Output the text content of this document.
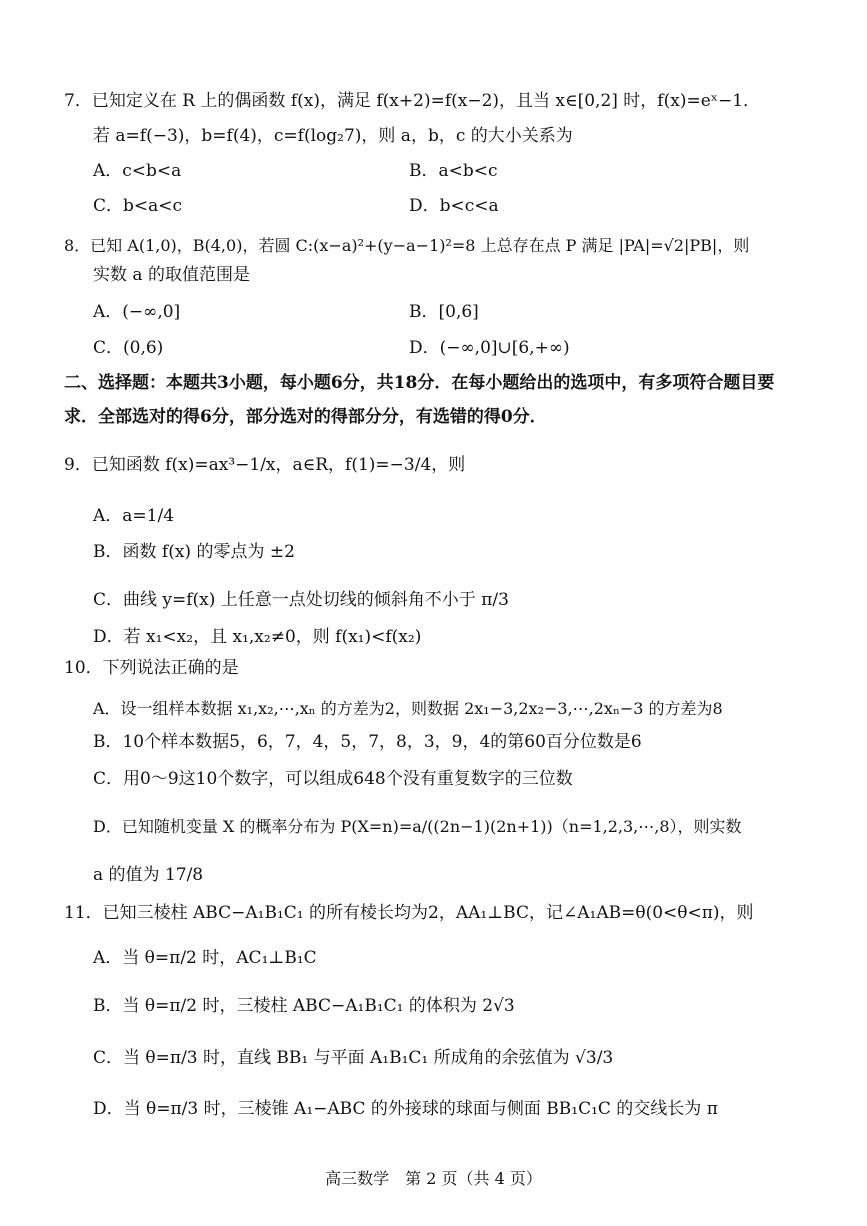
7．已知定义在 R 上的偶函数 f(x)，满足 f(x+2)=f(x−2)，且当 x∈[0,2] 时，f(x)=eˣ−1．
若 a=f(−3)，b=f(4)，c=f(log₂7)，则 a，b，c 的大小关系为
A．c<b<a	B．a<b<c
C．b<a<c	D．b<c<a
8．已知 A(1,0)，B(4,0)，若圆 C:(x−a)²+(y−a−1)²=8 上总存在点 P 满足 |PA|=√2|PB|，则
实数 a 的取值范围是
A．(−∞,0]	B．[0,6]
C．(0,6)	D．(−∞,0]∪[6,+∞)
二、选择题：本题共3小题，每小题6分，共18分．在每小题给出的选项中，有多项符合题目要
求．全部选对的得6分，部分选对的得部分分，有选错的得0分．
9．已知函数 f(x)=ax³−1/x，a∈R，f(1)=−3/4，则
A．a=1/4
B．函数 f(x) 的零点为 ±2
C．曲线 y=f(x) 上任意一点处切线的倾斜角不小于 π/3
D．若 x₁<x₂，且 x₁,x₂≠0，则 f(x₁)<f(x₂)
10．下列说法正确的是
A．设一组样本数据 x₁,x₂,⋯,xₙ 的方差为2，则数据 2x₁−3,2x₂−3,⋯,2xₙ−3 的方差为8
B．10个样本数据5，6，7，4，5，7，8，3，9，4的第60百分位数是6
C．用0～9这10个数字，可以组成648个没有重复数字的三位数
D．已知随机变量 X 的概率分布为 P(X=n)=a/((2n−1)(2n+1))（n=1,2,3,⋯,8），则实数
a 的值为 17/8
11．已知三棱柱 ABC−A₁B₁C₁ 的所有棱长均为2，AA₁⊥BC，记∠A₁AB=θ(0<θ<π)，则
A．当 θ=π/2 时，AC₁⊥B₁C
B．当 θ=π/2 时，三棱柱 ABC−A₁B₁C₁ 的体积为 2√3
C．当 θ=π/3 时，直线 BB₁ 与平面 A₁B₁C₁ 所成角的余弦值为 √3/3
D．当 θ=π/3 时，三棱锥 A₁−ABC 的外接球的球面与侧面 BB₁C₁C 的交线长为 π
高三数学　第 2 页（共 4 页）
